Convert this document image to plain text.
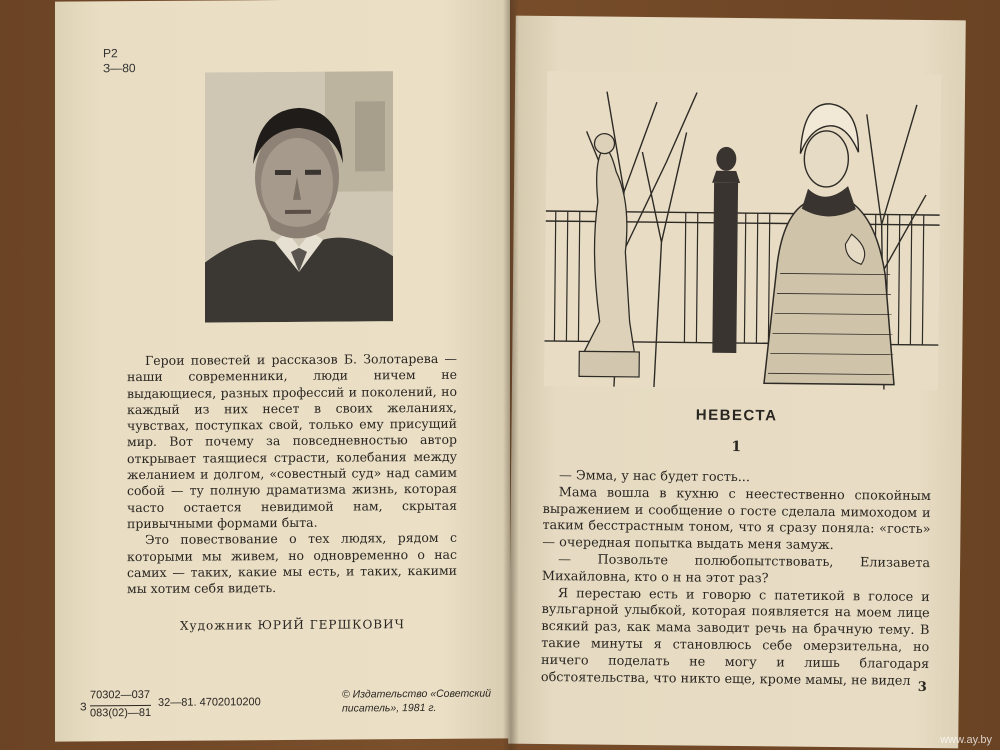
Р2
З—80

Герои повестей и рассказов Б. Золотарева — наши современники, люди ничем не выдающиеся, разных профессий и поколений, но каждый из них несет в своих желаниях, чувствах, поступках свой, только ему присущий мир. Вот почему за повседневностью автор открывает таящиеся страсти, колебания между желанием и долгом, «совестный суд» над самим собой — ту полную драматизма жизнь, которая часто остается невидимой нам, скрытая привычными формами быта.

Это повествование о тех людях, рядом с которыми мы живем, но одновременно о нас самих — таких, какие мы есть, и таких, какими мы хотим себя видеть.

Художник ЮРИЙ ГЕРШКОВИЧ
З
70302—037
083(02)—81
32—81. 4702010200
© Издательство «Советский писатель», 1981 г.
НЕВЕСТА
1

— Эмма, у нас будет гость...

Мама вошла в кухню с неестественно спокойным выражением и сообщение о госте сделала мимоходом и таким бесстрастным тоном, что я сразу поняла: «гость» — очередная попытка выдать меня замуж.

— Позвольте полюбопытствовать, Елизавета Михайловна, кто о н на этот раз?

Я перестаю есть и говорю с патетикой в голосе и вульгарной улыбкой, которая появляется на моем лице всякий раз, как мама заводит речь на брачную тему. В такие минуты я становлюсь себе омерзительна, но ничего поделать не могу и лишь благодаря обстоятельства, что никто еще, кроме мамы, не видел 3
www.ay.by
